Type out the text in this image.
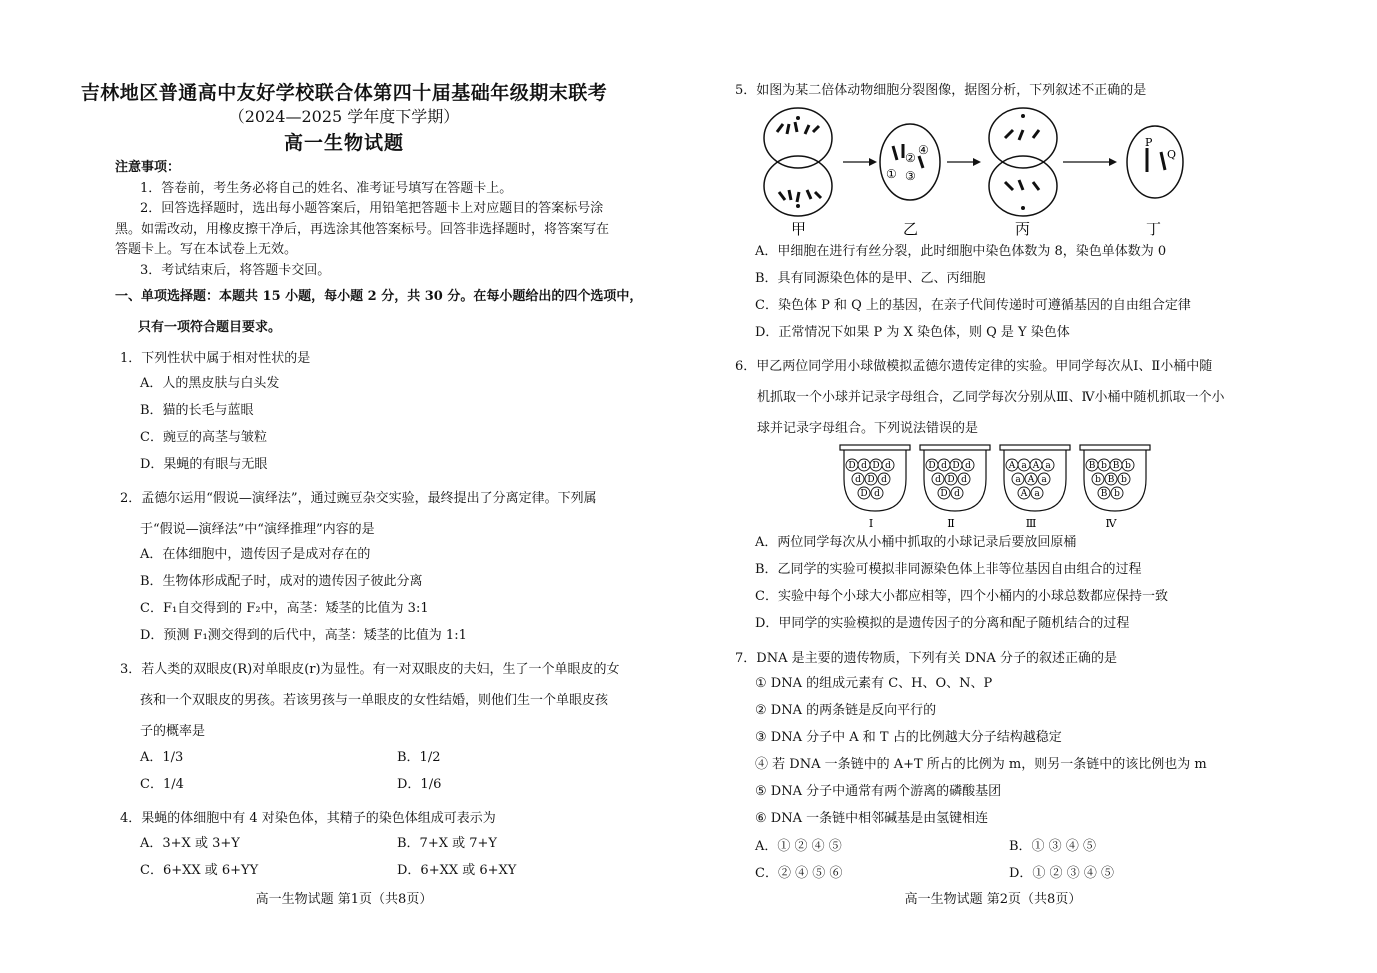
吉林地区普通高中友好学校联合体第四十届基础年级期末联考
（2024—2025 学年度下学期）
高一生物试题
注意事项：
1．答卷前，考生务必将自己的姓名、准考证号填写在答题卡上。
2．回答选择题时，选出每小题答案后，用铅笔把答题卡上对应题目的答案标号涂
黑。如需改动，用橡皮擦干净后，再选涂其他答案标号。回答非选择题时，将答案写在
答题卡上。写在本试卷上无效。
3．考试结束后，将答题卡交回。
一、单项选择题：本题共 15 小题，每小题 2 分，共 30 分。在每小题给出的四个选项中，
只有一项符合题目要求。
1．下列性状中属于相对性状的是
A．人的黑皮肤与白头发
B．猫的长毛与蓝眼
C．豌豆的高茎与皱粒
D．果蝇的有眼与无眼
2．孟德尔运用“假说—演绎法”，通过豌豆杂交实验，最终提出了分离定律。下列属
于“假说—演绎法”中“演绎推理”内容的是
A．在体细胞中，遗传因子是成对存在的
B．生物体形成配子时，成对的遗传因子彼此分离
C．F₁自交得到的 F₂中，高茎：矮茎的比值为 3:1
D．预测 F₁测交得到的后代中，高茎：矮茎的比值为 1:1
3．若人类的双眼皮(R)对单眼皮(r)为显性。有一对双眼皮的夫妇，生了一个单眼皮的女
孩和一个双眼皮的男孩。若该男孩与一单眼皮的女性结婚，则他们生一个单眼皮孩
子的概率是
A．1/3	B．1/2
C．1/4	D．1/6
4．果蝇的体细胞中有 4 对染色体，其精子的染色体组成可表示为
A．3+X 或 3+Y	B．7+X 或 7+Y
C．6+XX 或 6+YY	D．6+XX 或 6+XY
高一生物试题 第1页（共8页）
5．如图为某二倍体动物细胞分裂图像，据图分析，下列叙述不正确的是
甲
①
②
③
④
乙	丙
P
Q
丁
A．甲细胞在进行有丝分裂，此时细胞中染色体数为 8，染色单体数为 0
B．具有同源染色体的是甲、乙、丙细胞
C．染色体 P 和 Q 上的基因，在亲子代间传递时可遵循基因的自由组合定律
D．正常情况下如果 P 为 X 染色体，则 Q 是 Y 染色体
6．甲乙两位同学用小球做模拟孟德尔遗传定律的实验。甲同学每次从Ⅰ、Ⅱ小桶中随
机抓取一个小球并记录字母组合，乙同学每次分别从Ⅲ、Ⅳ小桶中随机抓取一个小
球并记录字母组合。下列说法错误的是
D d D d
d D d
D d
Ⅰ
D d D d
d D d
D d
Ⅱ
A a A a
a A a
A a
Ⅲ
B b B b
b B b
B b
Ⅳ
A．两位同学每次从小桶中抓取的小球记录后要放回原桶
B．乙同学的实验可模拟非同源染色体上非等位基因自由组合的过程
C．实验中每个小球大小都应相等，四个小桶内的小球总数都应保持一致
D．甲同学的实验模拟的是遗传因子的分离和配子随机结合的过程
7．DNA 是主要的遗传物质，下列有关 DNA 分子的叙述正确的是
① DNA 的组成元素有 C、H、O、N、P
② DNA 的两条链是反向平行的
③ DNA 分子中 A 和 T 占的比例越大分子结构越稳定
④ 若 DNA 一条链中的 A+T 所占的比例为 m，则另一条链中的该比例也为 m
⑤ DNA 分子中通常有两个游离的磷酸基团
⑥ DNA 一条链中相邻碱基是由氢键相连
A．① ② ④ ⑤	B．① ③ ④ ⑤
C．② ④ ⑤ ⑥	D．① ② ③ ④ ⑤
高一生物试题 第2页（共8页）
